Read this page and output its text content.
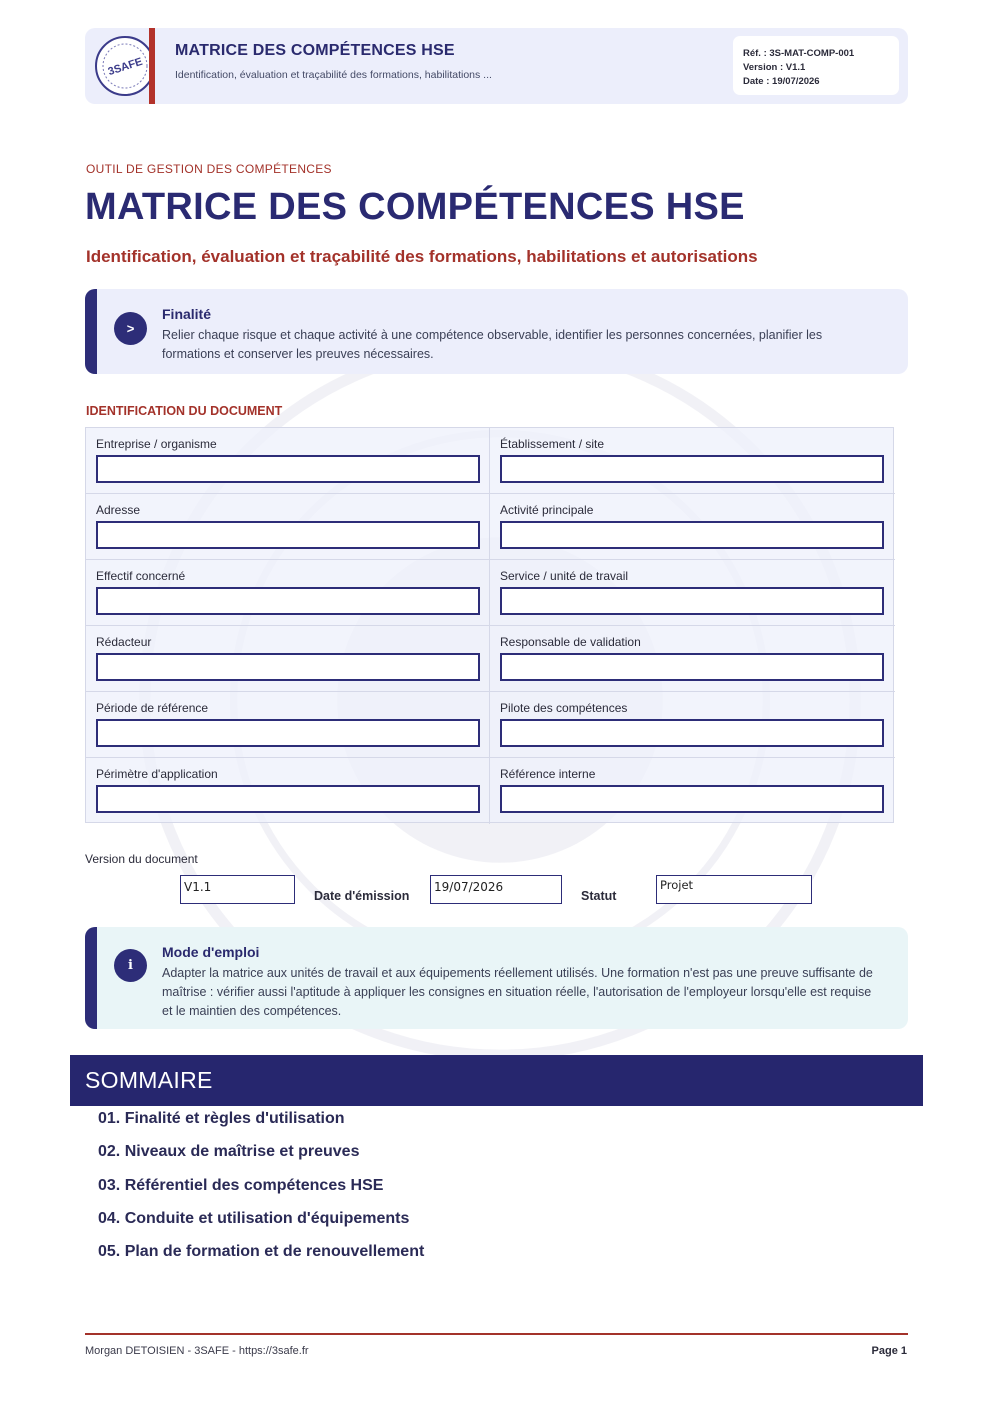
3SAFE
MATRICE DES COMPÉTENCES HSE
Identification, évaluation et traçabilité des formations, habilitations ...
Réf. : 3S-MAT-COMP-001
Version : V1.1
Date : 19/07/2026
OUTIL DE GESTION DES COMPÉTENCES
MATRICE DES COMPÉTENCES HSE
Identification, évaluation et traçabilité des formations, habilitations et autorisations
>
Finalité
Relier chaque risque et chaque activité à une compétence observable, identifier les personnes concernées, planifier les formations et conserver les preuves nécessaires.
IDENTIFICATION DU DOCUMENT
Entreprise / organisme	Établissement / site
Adresse	Activité principale
Effectif concerné	Service / unité de travail
Rédacteur	Responsable de validation
Période de référence	Pilote des compétences
Périmètre d'application	Référence interne
Version du document
V1.1
Date d'émission
19/07/2026
Statut
Projet
i
Mode d'emploi
Adapter la matrice aux unités de travail et aux équipements réellement utilisés. Une formation n'est pas une preuve suffisante de maîtrise : vérifier aussi l'aptitude à appliquer les consignes en situation réelle, l'autorisation de l'employeur lorsqu'elle est requise et le maintien des compétences.
SOMMAIRE
01. Finalité et règles d'utilisation
02. Niveaux de maîtrise et preuves
03. Référentiel des compétences HSE
04. Conduite et utilisation d'équipements
05. Plan de formation et de renouvellement
Morgan DETOISIEN - 3SAFE - https://3safe.fr	Page 1
